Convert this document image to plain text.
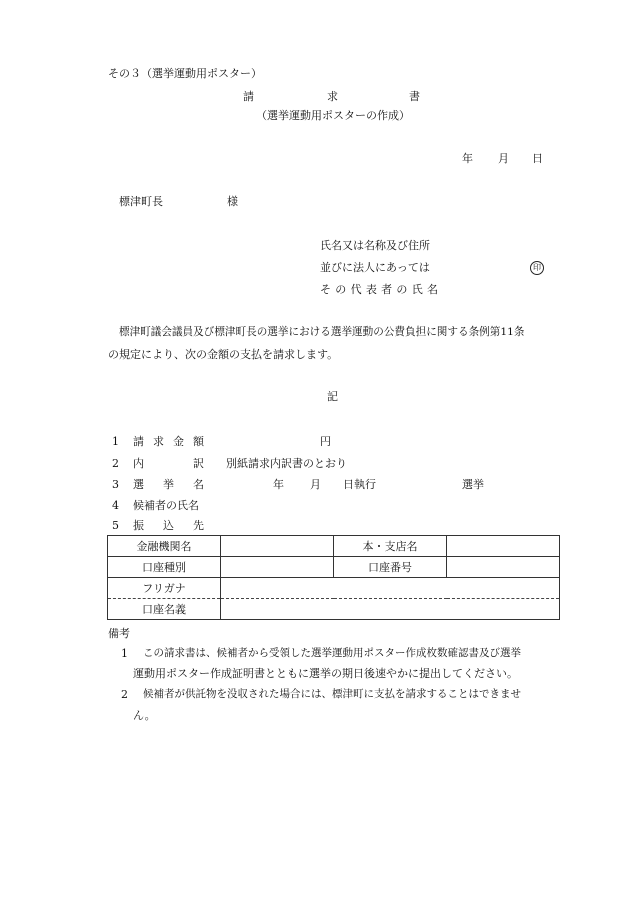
その３（選挙運動用ポスター）
請	求	書
（選挙運動用ポスターの作成）
年 月 日
標津町長	様
氏名又は名称及び住所
並びに法人にあっては	印
そ の 代 表 者 の 氏 名
標津町議会議員及び標津町長の選挙における選挙運動の公費負担に関する条例第11条
の規定により、次の金額の支払を請求します。
記
1 請 求 金 額	円
2 内	訳 別紙請求内訳書のとおり
3 選 挙 名	年 月 日執行	選挙
4 候補者の氏名
5 振 込 先
金融機関名		本・支店名	
口座種別		口座番号	
フリガナ			
口座名義			
備考
1 この請求書は、候補者から受領した選挙運動用ポスター作成枚数確認書及び選挙
運動用ポスター作成証明書とともに選挙の期日後速やかに提出してください。
2 候補者が供託物を没収された場合には、標津町に支払を請求することはできませ
ん。
